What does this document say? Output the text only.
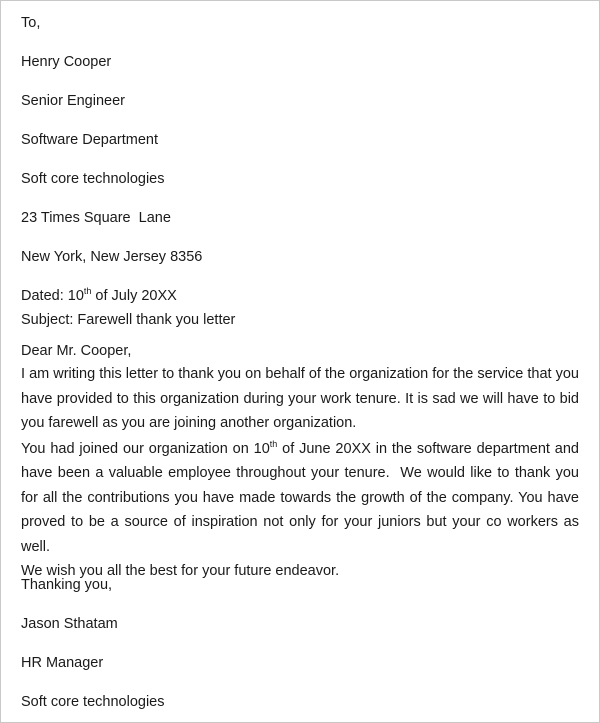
To,
Henry Cooper
Senior Engineer
Software Department
Soft core technologies
23 Times Square  Lane
New York, New Jersey 8356
Dated: 10th of July 20XX
Subject: Farewell thank you letter
Dear Mr. Cooper,

I am writing this letter to thank you on behalf of the organization for the service that you have provided to this organization during your work tenure. It is sad we will have to bid you farewell as you are joining another organization.

You had joined our organization on 10th of June 20XX in the software department and have been a valuable employee throughout your tenure.  We would like to thank you for all the contributions you have made towards the growth of the company. You have proved to be a source of inspiration not only for your juniors but your co workers as well.

We wish you all the best for your future endeavor.

Thanking you,
Jason Sthatam
HR Manager
Soft core technologies
